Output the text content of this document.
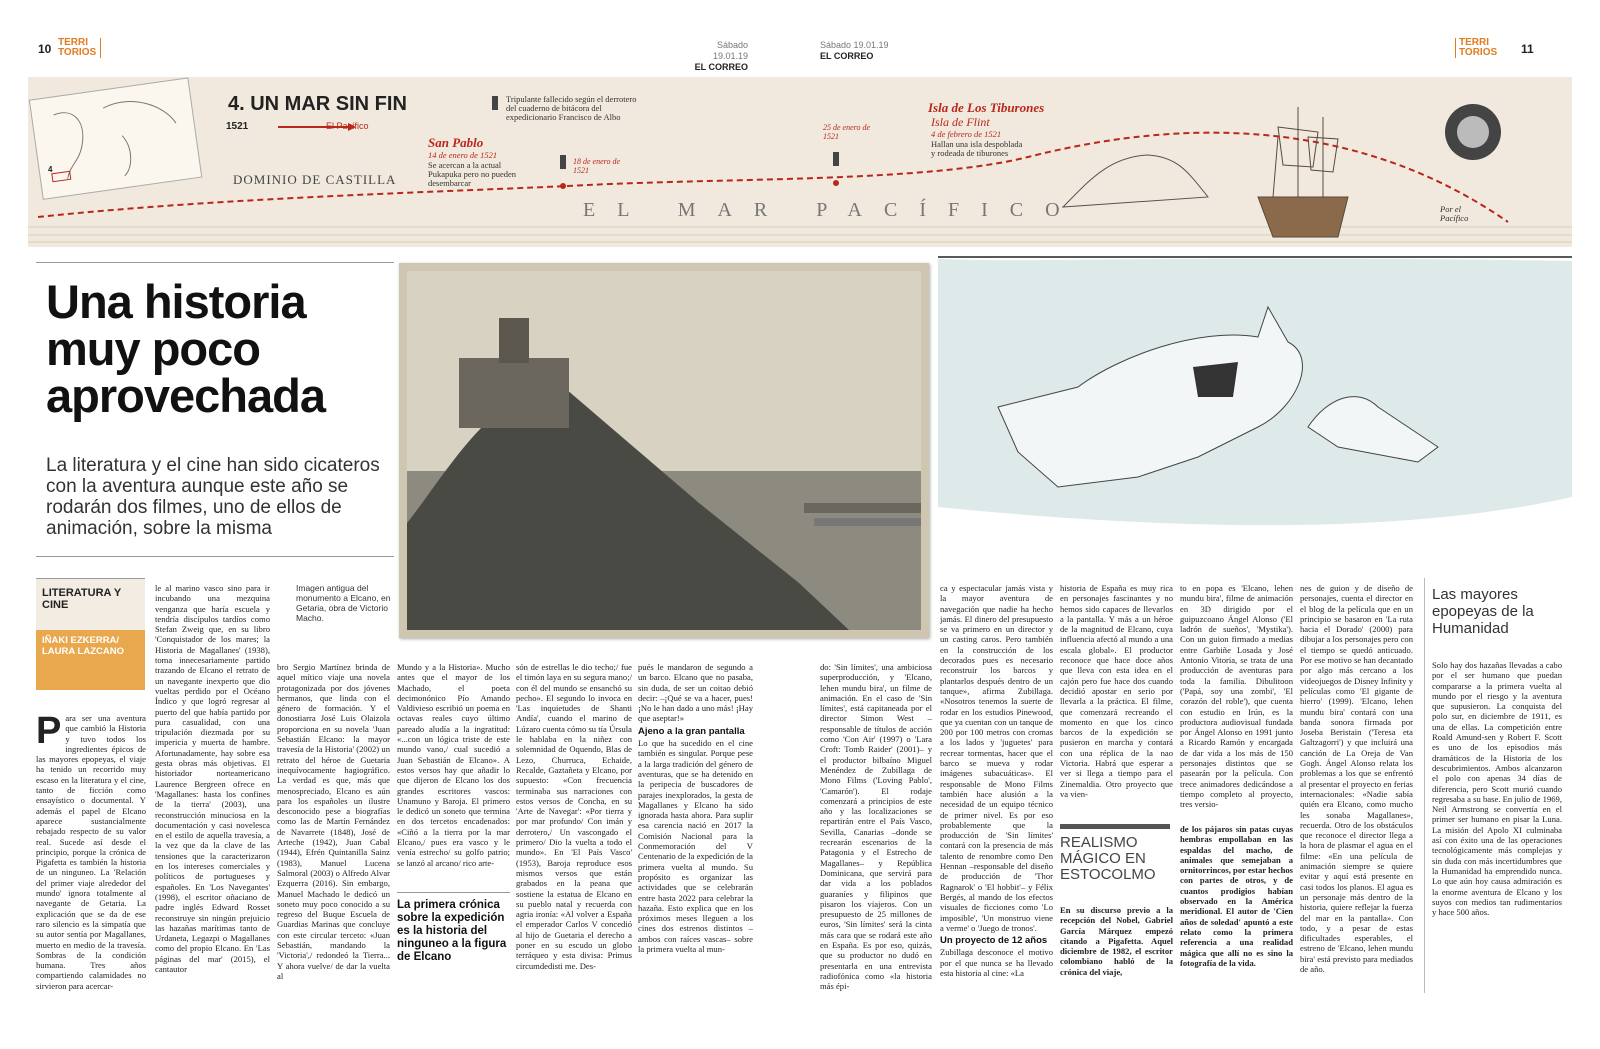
10 TERRI
TORIOS
Sábado 19.01.19
EL CORREO
Sábado 19.01.19
EL CORREO
TERRI
TORIOS 11
4
4. UN MAR SIN FIN
1521	El Pacífico
DOMINIO DE CASTILLA
EL MAR PACÍFICO
San Pablo
14 de enero de 1521
Se acercan a la actual Pukapuka pero no pueden desembarcar
18 de enero de 1521
Tripulante fallecido según el derrotero del cuaderno de bitácora del expedicionario Francisco de Albo
25 de enero de 1521
Isla de Los Tiburones
Isla de Flint
4 de febrero de 1521
Hallan una isla despoblada y rodeada de tiburones
Por el Pacífico
Una historia muy poco aprovechada
La literatura y el cine han sido cicateros con la aventura aunque este año se rodarán dos filmes, uno de ellos de animación, sobre la misma
Imagen antigua del monumento a Elcano, en Getaria, obra de Victorio Macho.
LITERATURA Y CINE
IÑAKI EZKERRA/ LAURA LAZCANO
Para ser una aventura que cambió la Historia y tuvo todos los ingredientes épicos de las mayores epopeyas, el viaje ha tenido un recorrido muy escaso en la literatura y el cine, tanto de ficción como ensayístico o documental. Y además el papel de Elcano aparece sustancialmente rebajado respecto de su valor real. Sucede así desde el principio, porque la crónica de Pigafetta es también la historia de un ninguneo. La 'Relación del primer viaje alrededor del mundo' ignora totalmente al navegante de Getaria. La explicación que se da de ese raro silencio es la simpatía que su autor sentía por Magallanes, muerto en medio de la travesía. Sombras de la condición humana. Tres años compartiendo calamidades no sirvieron para acercar-
le al marino vasco sino para ir incubando una mezquina venganza que haría escuela y tendría discípulos tardíos como Stefan Zweig que, en su libro 'Conquistador de los mares; la Historia de Magallanes' (1938), toma innecesariamente partido trazando de Elcano el retrato de un navegante inexperto que dio vueltas perdido por el Océano Índico y que logró regresar al puerto del que había partido por pura casualidad, con una tripulación diezmada por su impericia y muerta de hambre. Afortunadamente, hay sobre esa gesta obras más objetivas. El historiador norteamericano Laurence Bergreen ofrece en 'Magallanes: hasta los confines de la tierra' (2003), una reconstrucción minuciosa en la documentación y casi novelesca en el estilo de aquella travesía, a la vez que da la clave de las tensiones que la caracterizaron en los intereses comerciales y políticos de portugueses y españoles. En 'Los Navegantes' (1998), el escritor oñaciano de padre inglés Edward Rosset reconstruye sin ningún prejuicio las hazañas marítimas tanto de Urdaneta, Legazpi o Magallanes como del propio Elcano. En 'Las páginas del mar' (2015), el cantautor
bro Sergio Martínez brinda de aquel mítico viaje una novela protagonizada por dos jóvenes hermanos, que linda con el género de formación. Y el donostiarra José Luis Olaizola proporciona en su novela 'Juan Sebastián Elcano: la mayor travesía de la Historia' (2002) un retrato del héroe de Guetaria inequívocamente hagiográfico. La verdad es que, más que menospreciado, Elcano es aún para los españoles un ilustre desconocido pese a biografías como las de Martín Fernández de Navarrete (1848), José de Arteche (1942), Juan Cabal (1944), Efrén Quintanilla Sainz (1983), Manuel Lucena Salmoral (2003) o Alfredo Alvar Ezquerra (2016). Sin embargo, Manuel Machado le dedicó un soneto muy poco conocido a su regreso del Buque Escuela de Guardias Marinas que concluye con este circular terceto: «Juan Sebastián, mandando la 'Victoria',/ redondeó la Tierra... Y ahora vuelve/ de dar la vuelta al
Mundo y a la Historia». Mucho antes que el mayor de los Machado, el poeta decimonónico Pío Amando Valdivieso escribió un poema en octavas reales cuyo último pareado aludía a la ingratitud: «...con un lógica triste de este mundo vano,/ cual sucedió a Juan Sebastián de Elcano». A estos versos hay que añadir lo que dijeron de Elcano los dos grandes escritores vascos: Unamuno y Baroja. El primero le dedicó un soneto que termina en dos tercetos encadenados: «Ciñó a la tierra por la mar Elcano,/ pues era vasco y le venía estrecho/ su golfo patrio; se lanzó al arcano/ rico arte-
La primera crónica sobre la expedición es la historia del ninguneo a la figura de Elcano
són de estrellas le dio techo;/ fue el timón laya en su segura mano;/ con él del mundo se ensanchó su pecho». El segundo lo invoca en 'Las inquietudes de Shanti Andía', cuando el marino de Lúzaro cuenta cómo su tía Úrsula le hablaba en la niñez con solemnidad de Oquendo, Blas de Lezo, Churruca, Echaide, Recalde, Gaztañeta y Elcano, por supuesto: «Con frecuencia terminaba sus narraciones con estos versos de Concha, en su 'Arte de Navegar': «Por tierra y por mar profundo/ Con imán y derrotero,/ Un vascongado el primero/ Dio la vuelta a todo el mundo». En 'El País Vasco' (1953), Baroja reproduce esos mismos versos que están grabados en la peana que sostiene la estatua de Elcano en su pueblo natal y recuerda con agria ironía: «Al volver a España el emperador Carlos V concedió al hijo de Guetaria el derecho a poner en su escudo un globo terráqueo y esta divisa: Primus circumdedisti me. Des-
pués le mandaron de segundo a un barco. Elcano que no pasaba, sin duda, de ser un coitao debió decir: –¡Qué se va a hacer, pues! ¡No le han dado a uno más! ¡Hay que aseptar!»
Ajeno a la gran pantalla
Lo que ha sucedido en el cine también es singular. Porque pese a la larga tradición del género de aventuras, que se ha detenido en la peripecia de buscadores de parajes inexplorados, la gesta de Magallanes y Elcano ha sido ignorada hasta ahora. Para suplir esa carencia nació en 2017 la Comisión Nacional para la Conmemoración del V Centenario de la expedición de la primera vuelta al mundo. Su propósito es organizar las actividades que se celebrarán entre hasta 2022 para celebrar la hazaña. Esto explica que en los próximos meses lleguen a los cines dos estrenos distintos –ambos con raíces vascas– sobre la primera vuelta al mun-
do: 'Sin límites', una ambiciosa superproducción, y 'Elcano, lehen mundu bira', un filme de animación. En el caso de 'Sin límites', está capitaneada por el director Simon West –responsable de títulos de acción como 'Con Air' (1997) o 'Lara Croft: Tomb Raider' (2001)– y el productor bilbaíno Miguel Menéndez de Zubillaga de Mono Films ('Loving Pablo', 'Camarón'). El rodaje comenzará a principios de este año y las localizaciones se repartirán entre el País Vasco, Sevilla, Canarias –donde se recrearán escenarios de la Patagonia y el Estrecho de Magallanes– y República Dominicana, que servirá para dar vida a los poblados guaraníes y filipinos que pisaron los viajeros. Con un presupuesto de 25 millones de euros, 'Sin límites' será la cinta más cara que se rodará este año en España. Es por eso, quizás, que su productor no dudó en presentarla en una entrevista radiofónica como «la historia más épi-
ca y espectacular jamás vista y la mayor aventura de navegación que nadie ha hecho jamás. El dinero del presupuesto se va primero en un director y un casting caros. Pero también en la construcción de los decorados pues es necesario reconstruir los barcos y plantarlos después dentro de un tanque», afirma Zubillaga. «Nosotros tenemos la suerte de rodar en los estudios Pinewood, que ya cuentan con un tanque de 200 por 100 metros con cromas a los lados y 'juguetes' para recrear tormentas, hacer que el barco se mueva y rodar imágenes subacuáticas». El responsable de Mono Films también hace alusión a la necesidad de un equipo técnico de primer nivel. Es por eso probablemente que la producción de 'Sin límites' contará con la presencia de más talento de renombre como Den Hennan –responsable del diseño de producción de 'Thor Ragnarok' o 'El hobbit'– y Félix Bergés, al mando de los efectos visuales de ficciones como 'Lo imposible', 'Un monstruo viene a verme' o 'Juego de tronos'.
Un proyecto de 12 años
Zubillaga desconoce el motivo por el que nunca se ha llevado esta historia al cine: «La
historia de España es muy rica en personajes fascinantes y no hemos sido capaces de llevarlos a la pantalla. Y más a un héroe de la magnitud de Elcano, cuya influencia afectó al mundo a una escala global». El productor reconoce que hace doce años que lleva con esta idea en el cajón pero fue hace dos cuando decidió apostar en serio por llevarla a la práctica. El filme, que comenzará recreando el momento en que los cinco barcos de la expedición se pusieron en marcha y contará con una réplica de la nao Victoria. Habrá que esperar a ver si llega a tiempo para el Zinemaldia. Otro proyecto que va vien-
to en popa es 'Elcano, lehen mundu bira', filme de animación en 3D dirigido por el guipuzcoano Ángel Alonso ('El ladrón de sueños', 'Mystika'). Con un guion firmado a medias entre Garbiñe Losada y José Antonio Vitoria, se trata de una producción de aventuras para toda la familia. Dibulitoon ('Papá, soy una zombi', 'El corazón del roble'), que cuenta con estudio en Irún, es la productora audiovisual fundada por Ángel Alonso en 1991 junto a Ricardo Ramón y encargada de dar vida a los más de 150 personajes distintos que se pasearán por la película. Con trece animadores dedicándose a tiempo completo al proyecto, tres versio-
nes de guion y de diseño de personajes, cuenta el director en el blog de la película que en un principio se basaron en 'La ruta hacia el Dorado' (2000) para dibujar a los personajes pero con el tiempo se quedó anticuado. Por ese motivo se han decantado por algo más cercano a los videojuegos de Disney Infinity y películas como 'El gigante de hierro' (1999). 'Elcano, lehen mundu bira' contará con una banda sonora firmada por Joseba Beristain ('Teresa eta Galtzagorri') y que incluirá una canción de La Oreja de Van Gogh. Ángel Alonso relata los problemas a los que se enfrentó al presentar el proyecto en ferias internacionales: «Nadie sabía quién era Elcano, como mucho les sonaba Magallanes», recuerda. Otro de los obstáculos que reconoce el director llega a la hora de plasmar el agua en el filme: «En una película de animación siempre se quiere evitar y aquí está presente en casi todos los planos. El agua es un personaje más dentro de la historia, quiere reflejar la fuerza del mar en la pantalla». Con todo, y a pesar de estas dificultades esperables, el estreno de 'Elcano, lehen mundu bira' está previsto para mediados de año.
REALISMO MÁGICO EN ESTOCOLMO
En su discurso previo a la recepción del Nobel, Gabriel García Márquez empezó citando a Pigafetta. Aquel diciembre de 1982, el escritor colombiano habló de la crónica del viaje,
de los pájaros sin patas cuyas hembras empollaban en las espaldas del macho, de animales que semejaban a ornitorrincos, por estar hechos con partes de otros, y de cuantos prodigios habían observado en la América meridional. El autor de 'Cien años de soledad' apuntó a este relato como la primera referencia a una realidad mágica que allí no es sino la fotografía de la vida.
Las mayores epopeyas de la Humanidad
Solo hay dos hazañas llevadas a cabo por el ser humano que puedan compararse a la primera vuelta al mundo por el riesgo y la aventura que supusieron. La conquista del polo sur, en diciembre de 1911, es una de ellas. La competición entre Roald Amund-sen y Robert F. Scott es uno de los episodios más dramáticos de la Historia de los descubrimientos. Ambos alcanzaron el polo con apenas 34 días de diferencia, pero Scott murió cuando regresaba a su base. En julio de 1969, Neil Armstrong se convertía en el primer ser humano en pisar la Luna. La misión del Apolo XI culminaba así con éxito una de las operaciones tecnológicamente más complejas y sin duda con más incertidumbres que la Humanidad ha emprendido nunca. Lo que aún hoy causa admiración es la enorme aventura de Elcano y los suyos con medios tan rudimentarios y hace 500 años.
